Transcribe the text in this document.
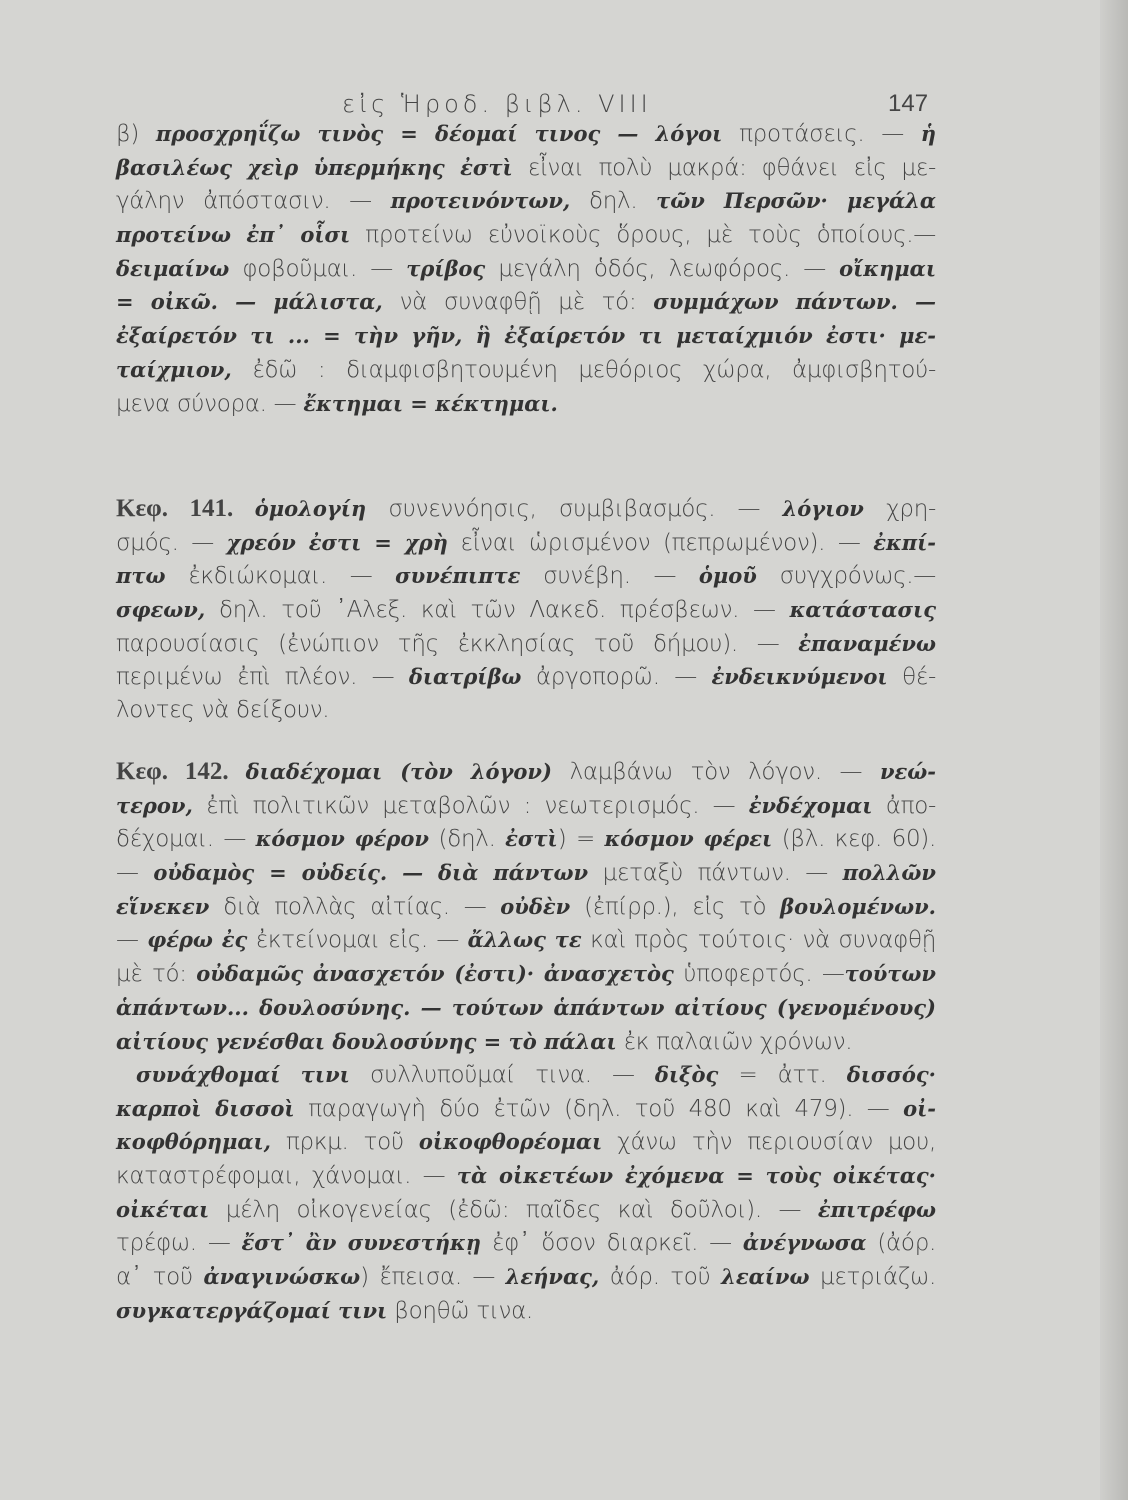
εἰς Ἡροδ. βιβλ. VIII	147
β) προσχρηΐζω τινὸς = δέομαί τινος — λόγοι προτάσεις. — ἡ
βασιλέως χεὶρ ὑπερμήκης ἐστὶ εἶναι πολὺ μακρά: φθάνει εἰς με-
γάλην ἀπόστασιν. — προτεινόντων, δηλ. τῶν Περσῶν· μεγάλα
προτείνω ἐπ᾽ οἷσι προτείνω εὐνοϊκοὺς ὅρους, μὲ τοὺς ὁποίους.—
δειμαίνω φοβοῦμαι. — τρίβος μεγάλη ὁδός, λεωφόρος. — οἴκημαι
= οἰκῶ. — μάλιστα, νὰ συναφθῇ μὲ τό: συμμάχων πάντων. —
ἐξαίρετόν τι ... = τὴν γῆν, ἣ ἐξαίρετόν τι μεταίχμιόν ἐστι· με-
ταίχμιον, ἐδῶ : διαμφισβητουμένη μεθόριος χώρα, ἀμφισβητού-
μενα σύνορα. — ἔκτημαι = κέκτημαι.
Κεφ. 141. ὁμολογίη συνεννόησις, συμβιβασμός. — λόγιον χρη-
σμός. — χρεόν ἐστι = χρὴ εἶναι ὡρισμένον (πεπρωμένον). — ἐκπί-
πτω ἐκδιώκομαι. — συνέπιπτε συνέβη. — ὁμοῦ συγχρόνως.—
σφεων, δηλ. τοῦ ᾿Αλεξ. καὶ τῶν Λακεδ. πρέσβεων. — κατάστασις
παρουσίασις (ἐνώπιον τῆς ἐκκλησίας τοῦ δήμου). — ἐπαναμένω
περιμένω ἐπὶ πλέον. — διατρίβω ἀργοπορῶ. — ἐνδεικνύμενοι θέ-
λοντες νὰ δείξουν.
Κεφ. 142. διαδέχομαι (τὸν λόγον) λαμβάνω τὸν λόγον. — νεώ-
τερον, ἐπὶ πολιτικῶν μεταβολῶν : νεωτερισμός. — ἐνδέχομαι ἀπο-
δέχομαι. — κόσμον φέρον (δηλ. ἐστὶ) = κόσμον φέρει (βλ. κεφ. 60).
— οὐδαμὸς = οὐδείς. — διὰ πάντων μεταξὺ πάντων. — πολλῶν
εἵνεκεν διὰ πολλὰς αἰτίας. — οὐδὲν (ἐπίρρ.), εἰς τὸ βουλομένων.
— φέρω ἐς ἐκτείνομαι εἰς. — ἄλλως τε καὶ πρὸς τούτοις· νὰ συναφθῇ
μὲ τό: οὐδαμῶς ἀνασχετόν (ἐστι)· ἀνασχετὸς ὑποφερτός. —τούτων
ἁπάντων... δουλοσύνης. — τούτων ἁπάντων αἰτίους (γενομένους)
αἰτίους γενέσθαι δουλοσύνης = τὸ πάλαι ἐκ παλαιῶν χρόνων.
συνάχθομαί τινι συλλυποῦμαί τινα. — διξὸς = ἀττ. δισσός·
καρποὶ δισσοὶ παραγωγὴ δύο ἐτῶν (δηλ. τοῦ 480 καὶ 479). — οἰ-
κοφθόρημαι, πρκμ. τοῦ οἰκοφθορέομαι χάνω τὴν περιουσίαν μου,
καταστρέφομαι, χάνομαι. — τὰ οἰκετέων ἐχόμενα = τοὺς οἰκέτας·
οἰκέται μέλη οἰκογενείας (ἐδῶ: παῖδες καὶ δοῦλοι). — ἐπιτρέφω
τρέφω. — ἔστ᾽ ἂν συνεστήκῃ ἐφ᾽ ὅσον διαρκεῖ. — ἀνέγνωσα (ἀόρ.
α᾽ τοῦ ἀναγινώσκω) ἔπεισα. — λεήνας, ἀόρ. τοῦ λεαίνω μετριάζω.
συγκατεργάζομαί τινι βοηθῶ τινα.
